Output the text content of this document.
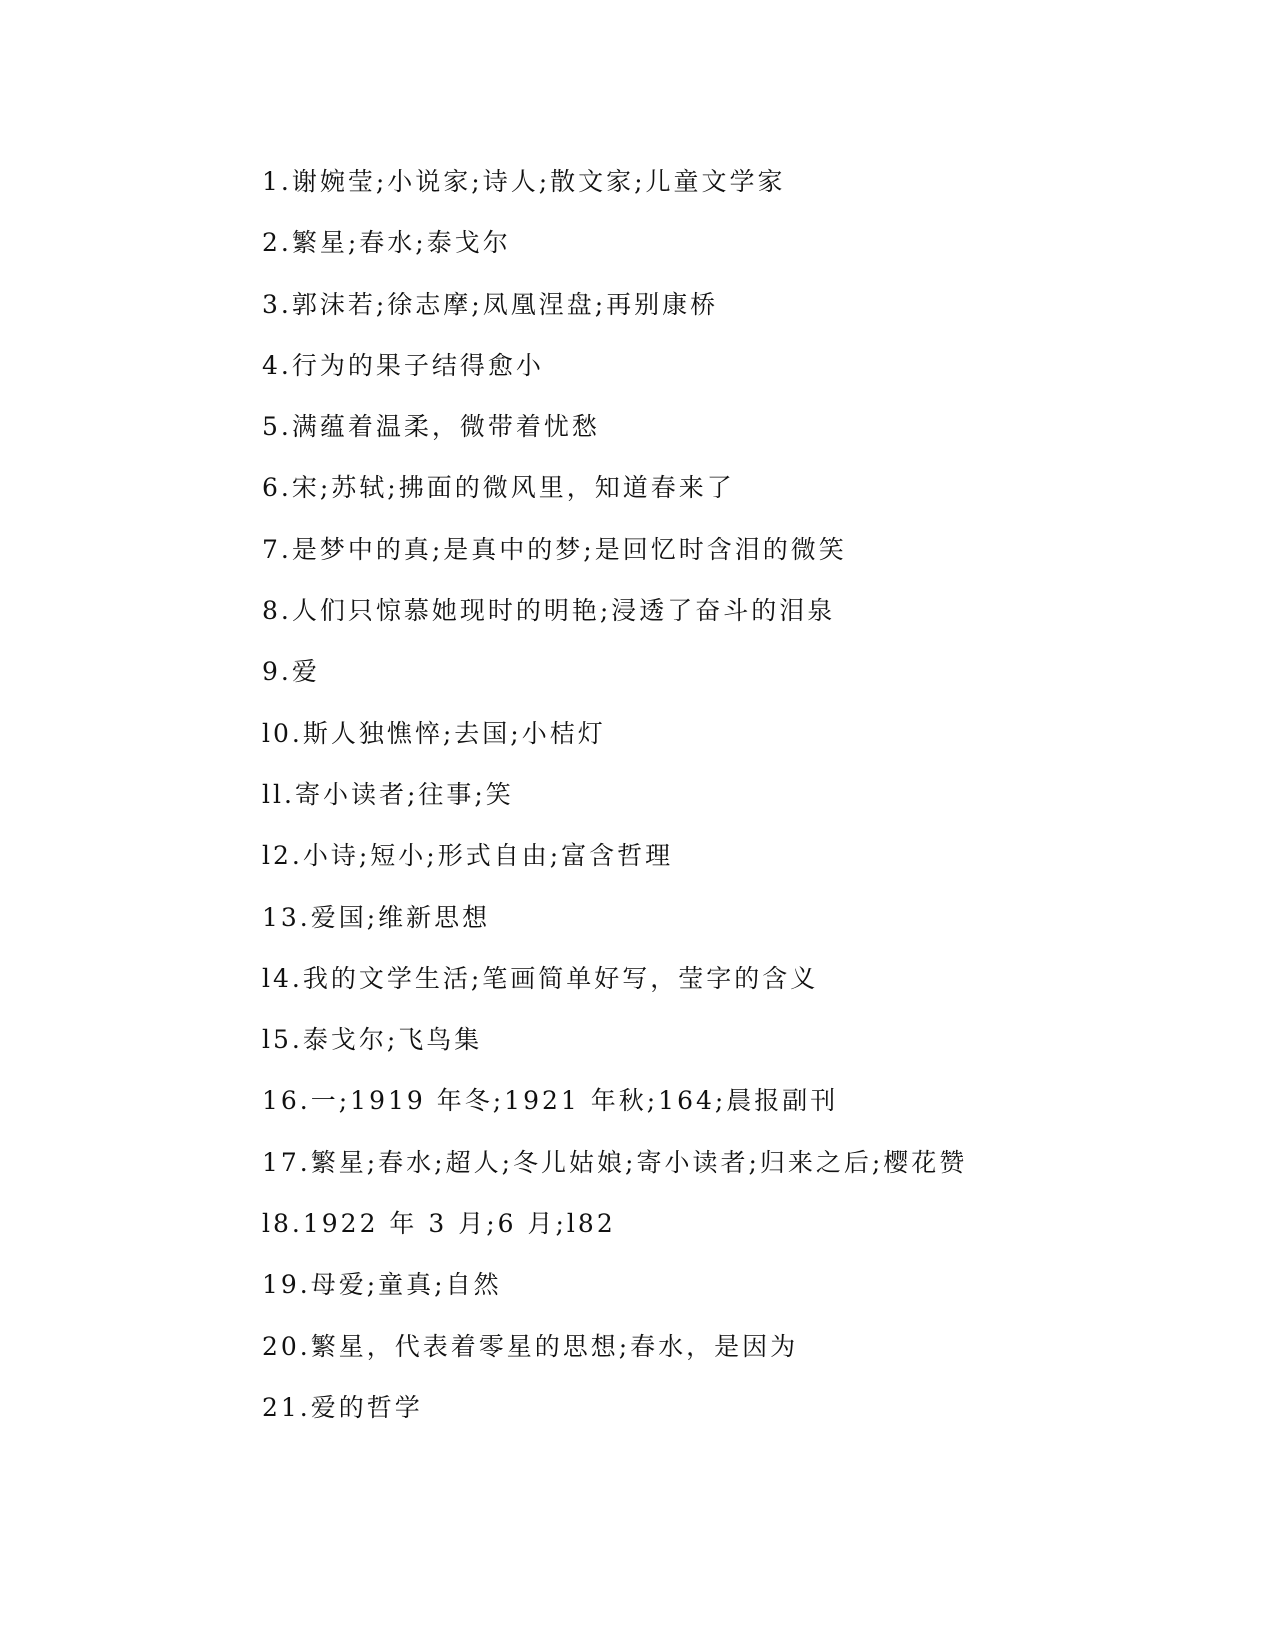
1.谢婉莹;小说家;诗人;散文家;儿童文学家
2.繁星;春水;泰戈尔
3.郭沫若;徐志摩;凤凰涅盘;再别康桥
4.行为的果子结得愈小
5.满蕴着温柔，微带着忧愁
6.宋;苏轼;拂面的微风里，知道春来了
7.是梦中的真;是真中的梦;是回忆时含泪的微笑
8.人们只惊慕她现时的明艳;浸透了奋斗的泪泉
9.爱
l0.斯人独憔悴;去国;小桔灯
ll.寄小读者;往事;笑
l2.小诗;短小;形式自由;富含哲理
13.爱国;维新思想
l4.我的文学生活;笔画简单好写，莹字的含义
l5.泰戈尔;飞鸟集
16.一;1919 年冬;1921 年秋;164;晨报副刊
17.繁星;春水;超人;冬儿姑娘;寄小读者;归来之后;樱花赞
l8.1922 年 3 月;6 月;l82
19.母爱;童真;自然
20.繁星，代表着零星的思想;春水，是因为
21.爱的哲学
